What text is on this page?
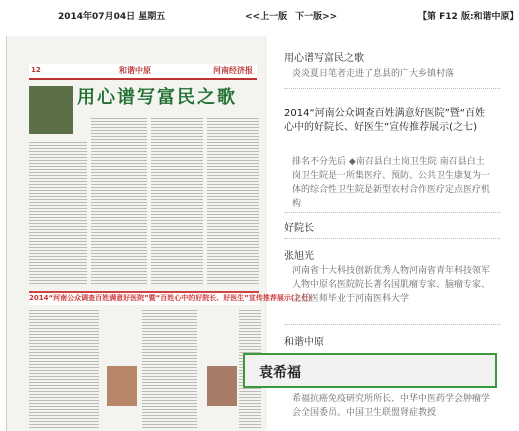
2014年07月04日 星期五	<<上一版 下一版>>	【第 F12 版:和谐中原】
12	和谐中原	河南经济报
用心谱写富民之歌
2014“河南公众调查百姓满意好医院”暨“百姓心中的好院长、好医生”宣传推荐展示(之七)
用心谱写富民之歌
炎炎夏日笔者走进了息县的广大乡镇村落
2014“河南公众调查百姓满意好医院”暨“百姓心中的好院长、好医生”宣传推荐展示(之七)
排名不分先后 ◆南召县白土岗卫生院 南召县白土岗卫生院是一所集医疗、预防、公共卫生康复为一体的综合性卫生院是新型农村合作医疗定点医疗机构
好院长
张旭光
河南省十大科技创新优秀人物河南省青年科技领军人物中原名医院院长著名国肌瘤专家、脑瘤专家、主任医师毕业于河南医科大学
和谐中原
希福抗癌免疫研究所所长、中华中医药学会肿瘤学会全国委员、中国卫生联盟肾症教授
袁希福
